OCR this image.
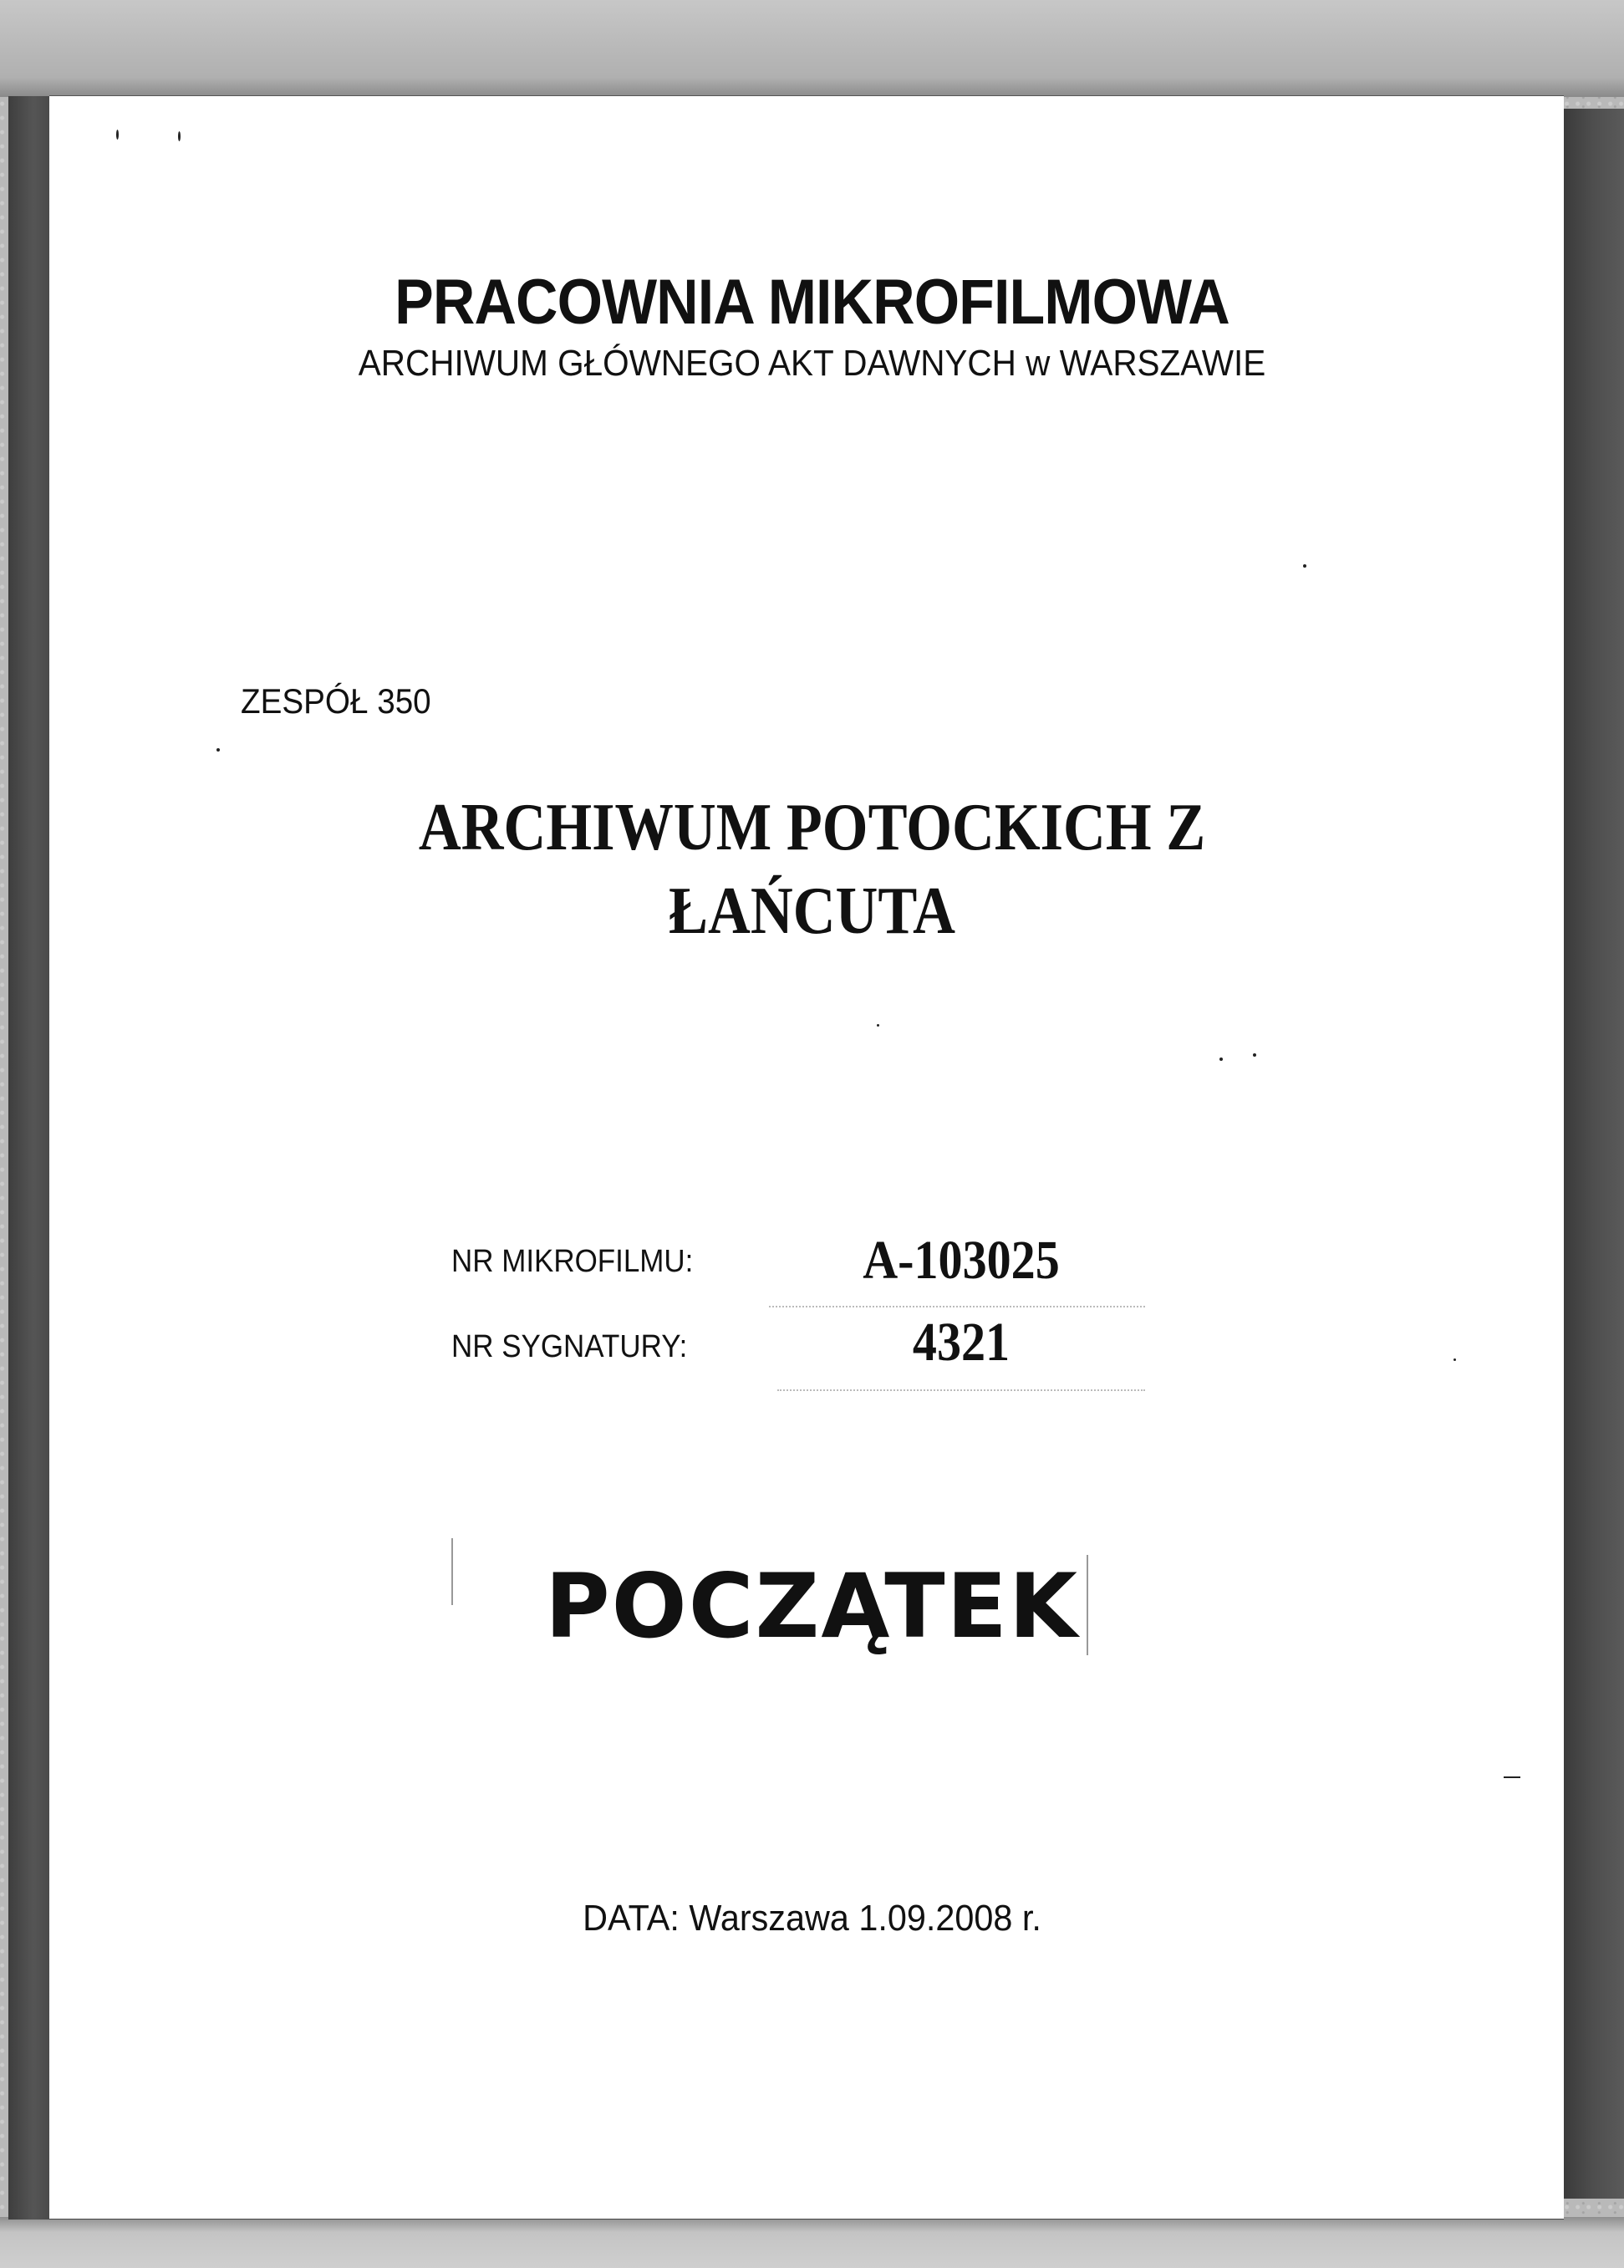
PRACOWNIA MIKROFILMOWA
ARCHIWUM GŁÓWNEGO AKT DAWNYCH w WARSZAWIE
ZESPÓŁ 350
ARCHIWUM POTOCKICH Z
ŁAŃCUTA
NR MIKROFILMU:	A-103025
NR SYGNATURY:	4321
POCZĄTEK
DATA: Warszawa 1.09.2008 r.
